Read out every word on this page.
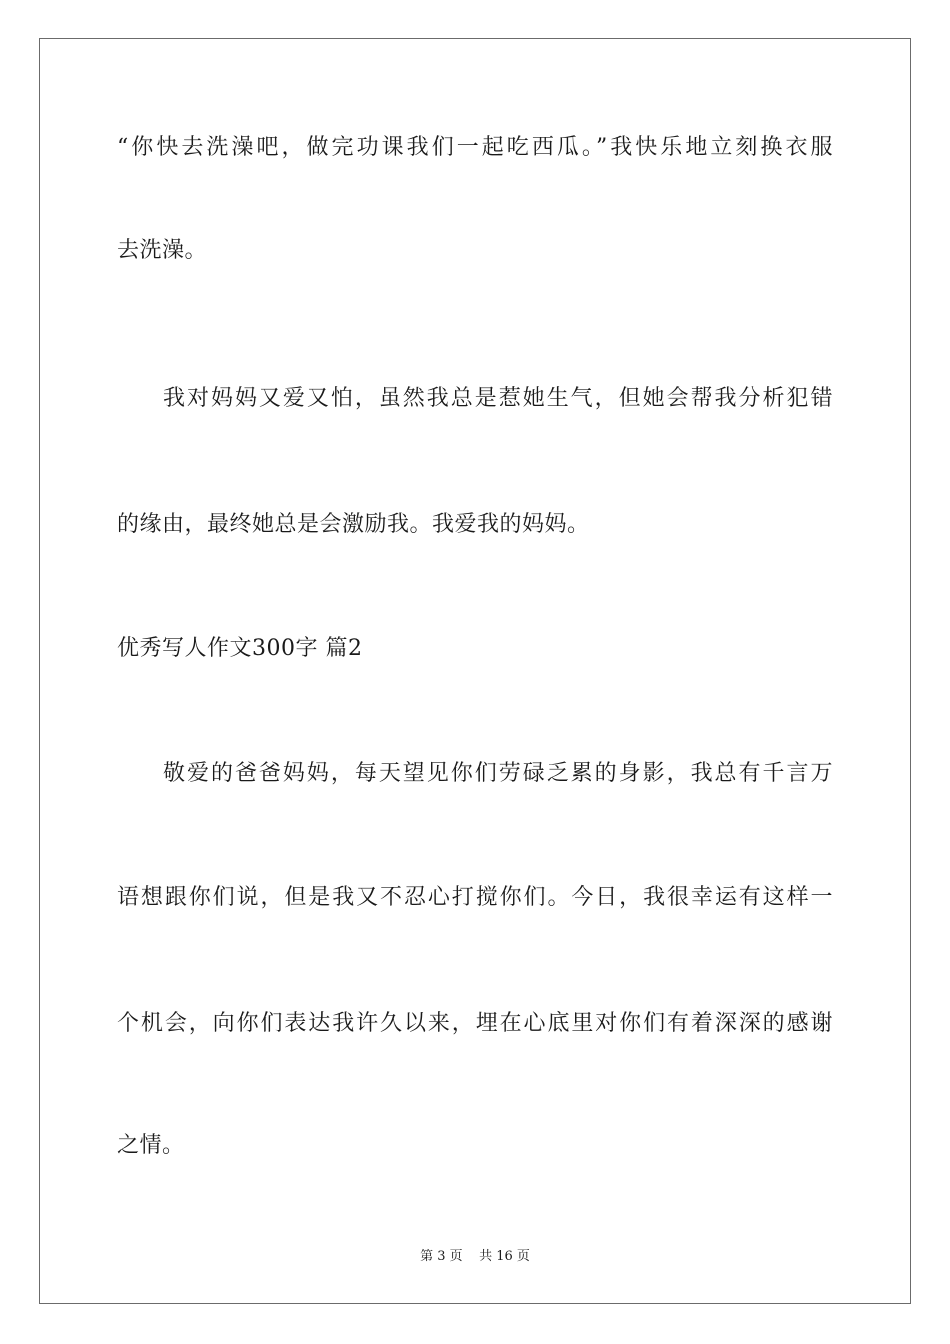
“你快去洗澡吧，做完功课我们一起吃西瓜。”我快乐地立刻换衣服
去洗澡。
我对妈妈又爱又怕，虽然我总是惹她生气，但她会帮我分析犯错
的缘由，最终她总是会激励我。我爱我的妈妈。
优秀写人作文300字 篇2
敬爱的爸爸妈妈，每天望见你们劳碌乏累的身影，我总有千言万
语想跟你们说，但是我又不忍心打搅你们。今日，我很幸运有这样一
个机会，向你们表达我许久以来，埋在心底里对你们有着深深的感谢
之情。
第 3 页    共 16 页
